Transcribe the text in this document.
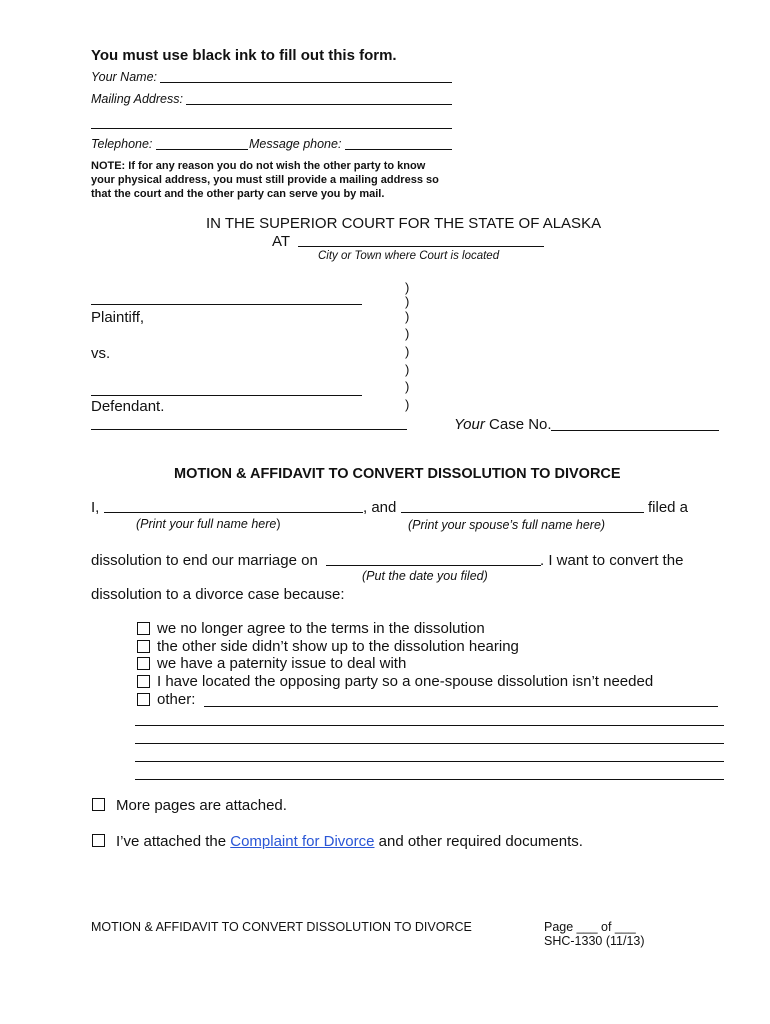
You must use black ink to fill out this form.
Your Name:
Mailing Address:
Telephone:	Message phone:
NOTE: If for any reason you do not wish the other party to know
your physical address, you must still provide a mailing address so
that the court and the other party can serve you by mail.
IN THE SUPERIOR COURT FOR THE STATE OF ALASKA
AT
City or Town where Court is located
Plaintiff,
vs.
Defendant.
)
)
)
)
)
)
)
)
Your Case No.
MOTION & AFFIDAVIT TO CONVERT DISSOLUTION TO DIVORCE
I,	, and	filed a
(Print your full name here)	(Print your spouse’s full name here)
dissolution to end our marriage on	. I want to convert the
(Put the date you filed)
dissolution to a divorce case because:
we no longer agree to the terms in the dissolution
the other side didn’t show up to the dissolution hearing
we have a paternity issue to deal with
I have located the opposing party so a one-spouse dissolution isn’t needed
other:
More pages are attached.
I’ve attached the Complaint for Divorce and other required documents.
MOTION & AFFIDAVIT TO CONVERT DISSOLUTION TO DIVORCE	Page ___ of ___
SHC-1330 (11/13)
